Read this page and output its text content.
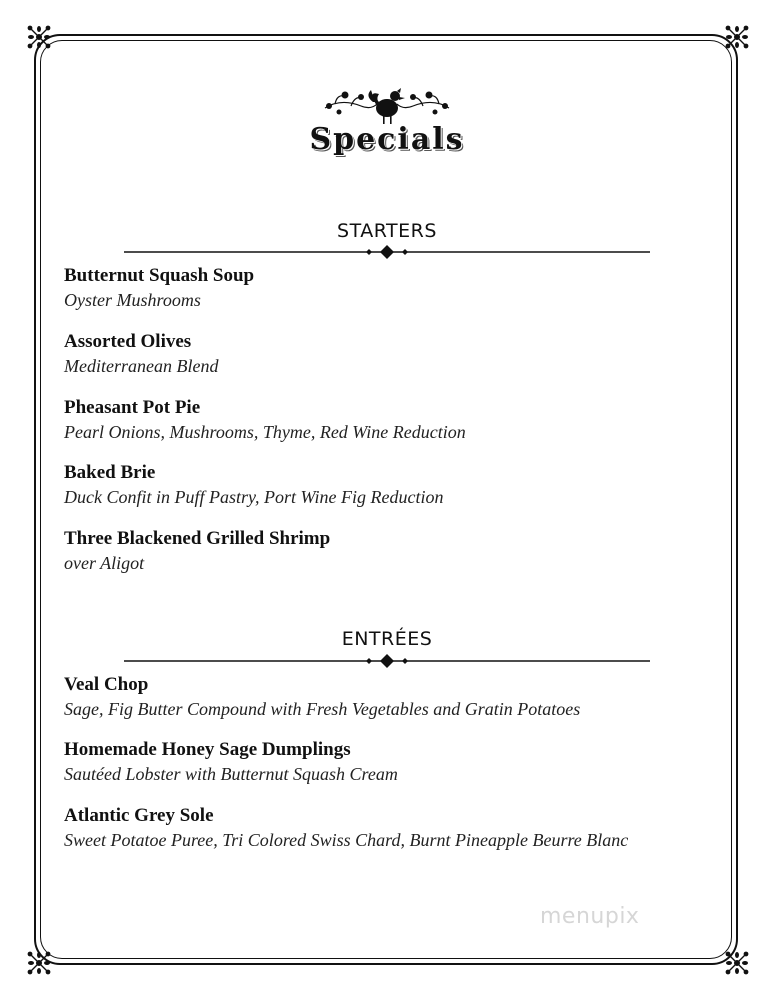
Specials
STARTERS
Butternut Squash Soup
Oyster Mushrooms
Assorted Olives
Mediterranean Blend
Pheasant Pot Pie
Pearl Onions, Mushrooms, Thyme, Red Wine Reduction
Baked Brie
Duck Confit in Puff Pastry, Port Wine Fig Reduction
Three Blackened Grilled Shrimp
over Aligot
ENTRÉES
Veal Chop
Sage, Fig Butter Compound with Fresh Vegetables and Gratin Potatoes
Homemade Honey Sage Dumplings
Sautéed Lobster with Butternut Squash Cream
Atlantic Grey Sole
Sweet Potatoe Puree, Tri Colored Swiss Chard, Burnt Pineapple Beurre Blanc
menupix
